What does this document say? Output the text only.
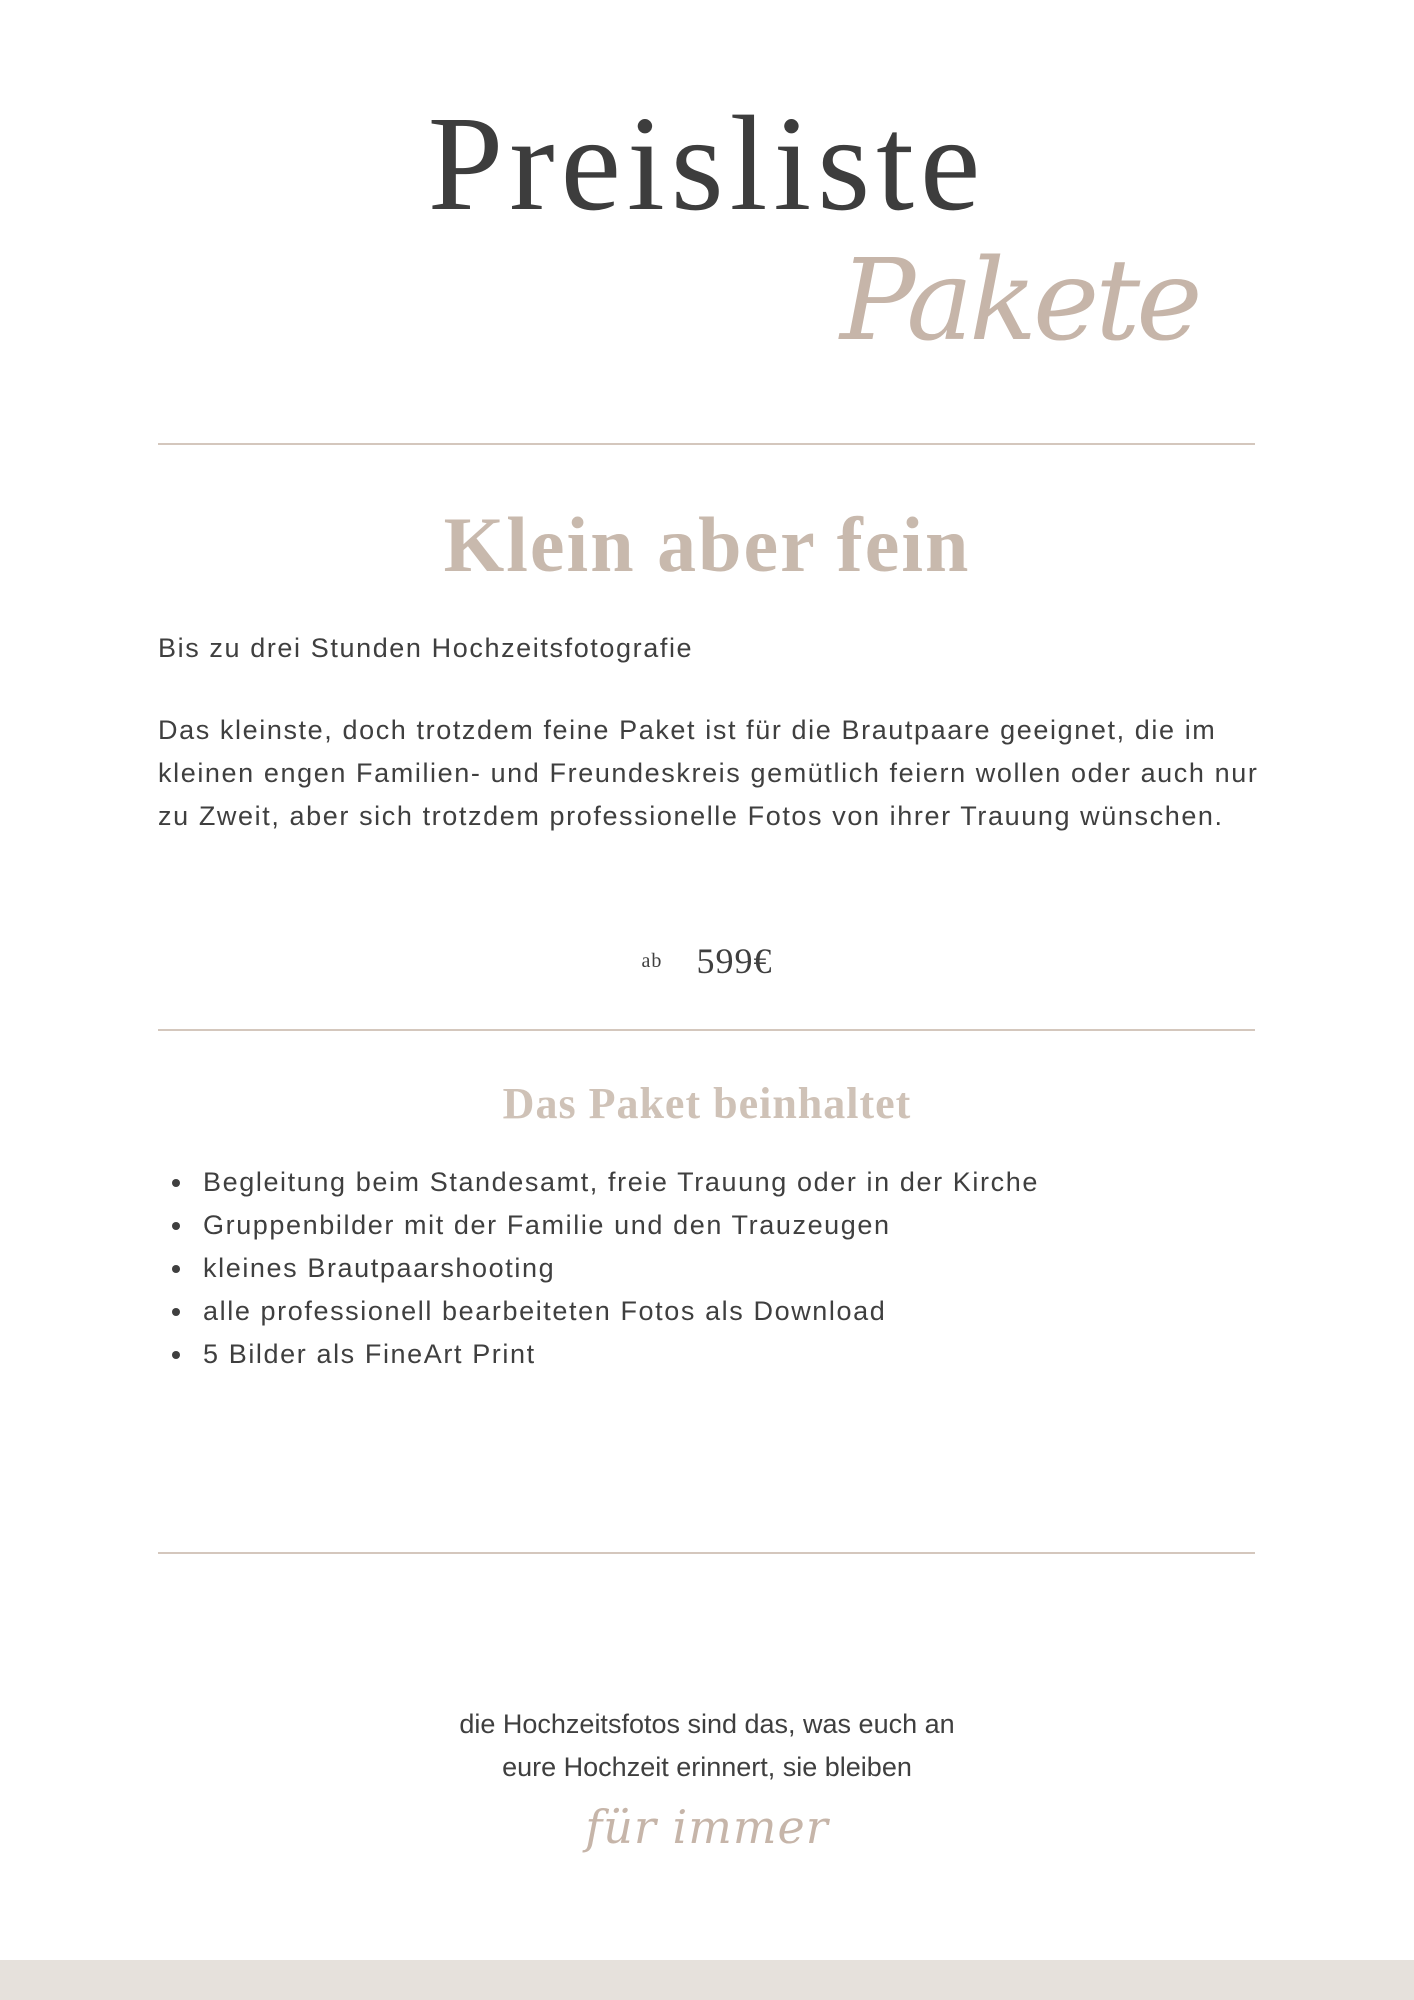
Preisliste
Pakete
Klein aber fein

Bis zu drei Stunden Hochzeitsfotografie

Das kleinste, doch trotzdem feine Paket ist für die Brautpaare geeignet, die im kleinen engen Familien- und Freundeskreis gemütlich feiern wollen oder auch nur zu Zweit, aber sich trotzdem professionelle Fotos von ihrer Trauung wünschen.

ab 599€
Das Paket beinhaltet
Begleitung beim Standesamt, freie Trauung oder in der Kirche
Gruppenbilder mit der Familie und den Trauzeugen
kleines Brautpaarshooting
alle professionell bearbeiteten Fotos als Download
5 Bilder als FineArt Print
die Hochzeitsfotos sind das, was euch an
eure Hochzeit erinnert, sie bleiben
für immer
